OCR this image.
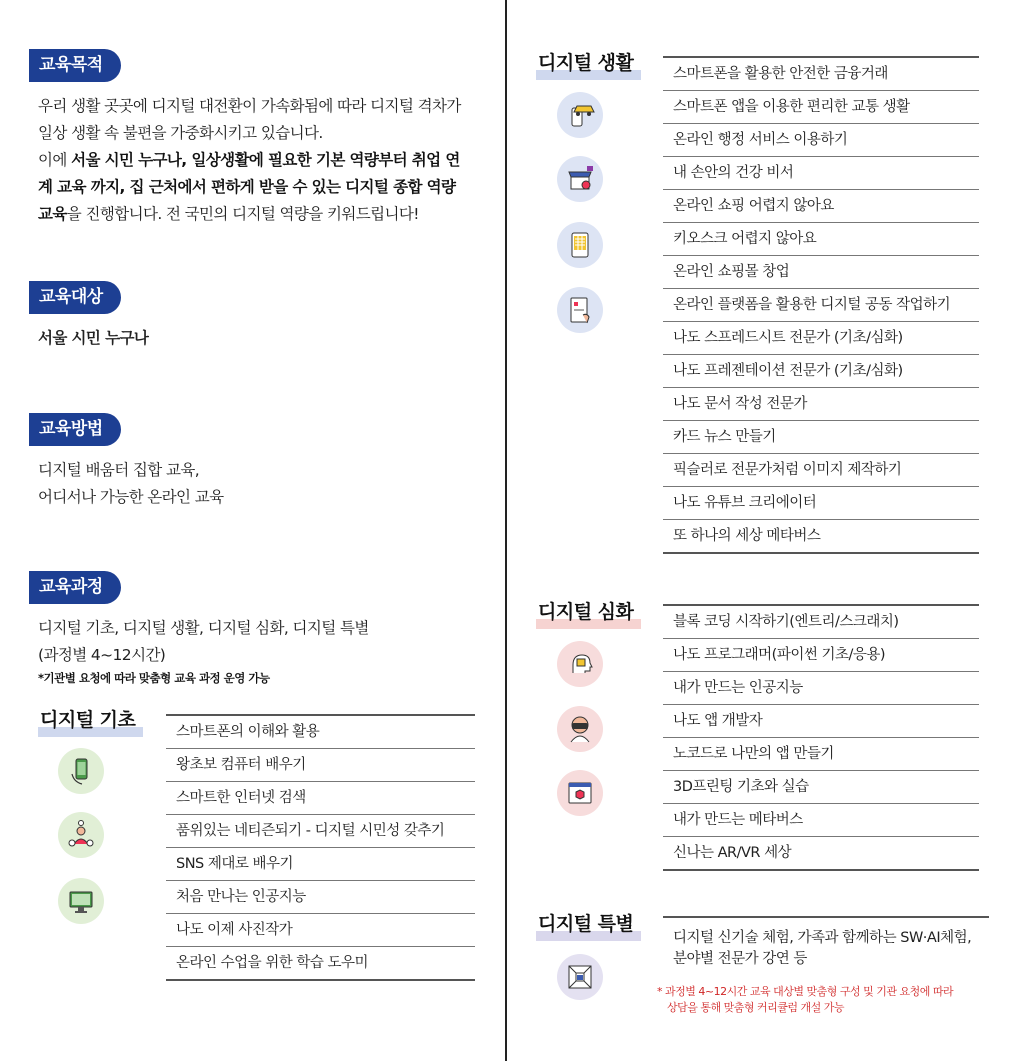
교육목적
우리 생활 곳곳에 디지털 대전환이 가속화됨에 따라 디지털 격차가
일상 생활 속 불편을 가중화시키고 있습니다.
이에 서울 시민 누구나, 일상생활에 필요한 기본 역량부터 취업 연
계 교육 까지, 집 근처에서 편하게 받을 수 있는 디지털 종합 역량
교육을 진행합니다. 전 국민의 디지털 역량을 키워드립니다!
교육대상
서울 시민 누구나
교육방법
디지털 배움터 집합 교육,
어디서나 가능한 온라인 교육
교육과정
디지털 기초, 디지털 생활, 디지털 심화, 디지털 특별
(과정별 4~12시간)
*기관별 요청에 따라 맞춤형 교육 과정 운영 가능
디지털 기초
스마트폰의 이해와 활용
왕초보 컴퓨터 배우기
스마트한 인터넷 검색
품위있는 네티즌되기 - 디지털 시민성 갖추기
SNS 제대로 배우기
처음 만나는 인공지능
나도 이제 사진작가
온라인 수업을 위한 학습 도우미
디지털 생활	스마트폰을 활용한 안전한 금융거래
스마트폰 앱을 이용한 편리한 교통 생활
온라인 행정 서비스 이용하기
내 손안의 건강 비서
온라인 쇼핑 어렵지 않아요
키오스크 어렵지 않아요
온라인 쇼핑몰 창업
온라인 플랫폼을 활용한 디지털 공동 작업하기
나도 스프레드시트 전문가 (기초/심화)
나도 프레젠테이션 전문가 (기초/심화)
나도 문서 작성 전문가
카드 뉴스 만들기
픽슬러로 전문가처럼 이미지 제작하기
나도 유튜브 크리에이터
또 하나의 세상 메타버스
디지털 심화	블록 코딩 시작하기(엔트리/스크래치)
나도 프로그래머(파이썬 기초/응용)
내가 만드는 인공지능
나도 앱 개발자
노코드로 나만의 앱 만들기
3D프린팅 기초와 실습
내가 만드는 메타버스
신나는 AR/VR 세상
디지털 특별
디지털 신기술 체험, 가족과 함께하는 SW·AI체험,
분야별 전문가 강연 등
* 과정별 4~12시간 교육 대상별 맞춤형 구성 및 기관 요청에 따라
상담을 통해 맞춤형 커리큘럼 개설 가능
